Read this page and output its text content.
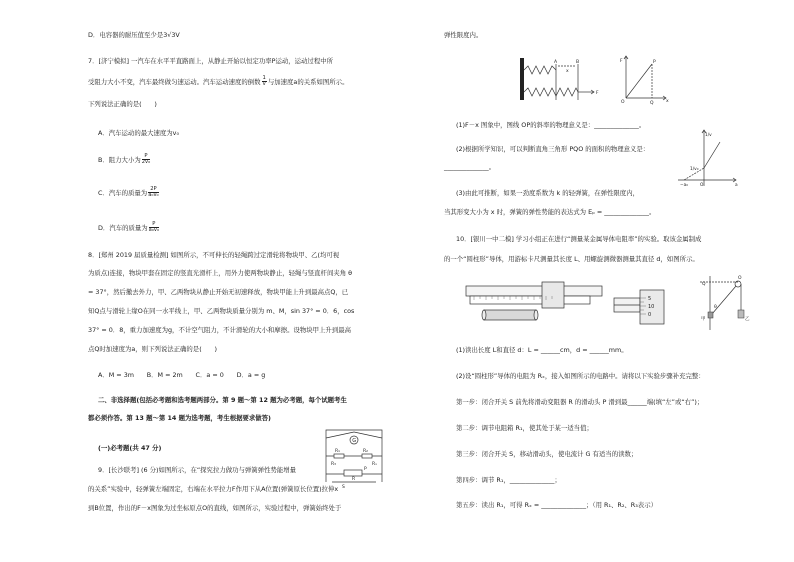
D．电容器的耐压值至少是3√3V
7．[济宁模拟] 一汽车在水平平直路面上，从静止开始以恒定功率P运动，运动过程中所
受阻力大小不变，汽车最终做匀速运动。汽车运动速度的倒数 $\frac{1}{v}$ 与加速度a的关系如图所示。
下列说法正确的是(　　)
A．汽车运动的最大速度为v₀
B．阻力大小为 $\frac{P}{\text{2v₀}}$
C．汽车的质量为 $\frac{2P}{\text{a₀v₀}}$
D．汽车的质量为 $\frac{P}{\text{a₀v₀}}$
8．[郑州 2019 届质量检测] 如图所示，不可伸长的轻绳跨过定滑轮将物块甲、乙(均可视
为质点)连接，物块甲套在固定的竖直光滑杆上，用外力使两物块静止，轻绳与竖直杆间夹角 θ
= 37°，然后撤去外力，甲、乙两物块从静止开始无初速释放，物块甲能上升到最高点Q，已
知Q点与滑轮上缘O在同一水平线上，甲、乙两物块质量分别为 m、M，sin 37° = 0．6，cos
37° = 0．8，重力加速度为g，不计空气阻力，不计滑轮的大小和摩擦。设物块甲上升到最高
点Q时加速度为a，则下列说法正确的是(　　)
A．M = 3m　　B．M = 2m　　C．a = 0　　D．a = g
二、非选择题(包括必考题和选考题两部分。第 9 题～第 12 题为必考题，每个试题考生
都必须作答。第 13 题～第 14 题为选考题，考生根据要求做答)
(一)必考题(共 47 分)
9．[长沙联考] (6 分)如图所示，在“探究拉力做功与弹簧弹性势能增量
的关系”实验中，轻弹簧左端固定，右端在水平拉力F作用下从A位置(弹簧原长位置)拉伸x
到B位置，作出的F－x图象为过坐标原点O的直线，如图所示，实验过程中，弹簧始终处于
G
R₁	R₂
R₃	Rₓ
P
R
S
弹性限度内。
A	B
x
F
F	P
O	Q	x
(1)F－x 图象中，图线 OP的斜率的物理意义是：______________。
(2)根据所学知识，可以判断直角三角形 PQO 的面积的物理意义是：
______________。
(3)由此可推断，如果一劲度系数为 k 的轻弹簧，在弹性限度内，
当其形变大小为 x 时，弹簧的弹性势能的表达式为 Eₚ = ______________。
1/v
1/v₀
−a₀	O	a
10．[银川一中二模] 学习小组正在进行“测量某金属导体电阻率”的实验。取该金属制成
的一个“圆柱形”导体，用游标卡尺测量其长度 L、用螺旋测微器测量其直径 d，如图所示。
5
10
0
Q
O
θ
甲	乙
(1)读出长度 L和直径 d：L = ______cm，d = ______mm。
(2)设“圆柱形”导体的电阻为 Rₓ，接入如图所示的电路中。请将以下实验步骤补充完整：
第一步：闭合开关 S 前先将滑动变阻器 R 的滑动头 P 滑到最______端(填“左”或“右”)；
第二步：调节电阻箱 R₁，使其处于某一适当值；
第三步：闭合开关 S，移动滑动头，使电流计 G 有适当的读数；
第四步：调节 R₁，______________；
第五步：读出 R₁，可得 Rₓ = ______________；（用 R₁、R₂、R₃表示）
